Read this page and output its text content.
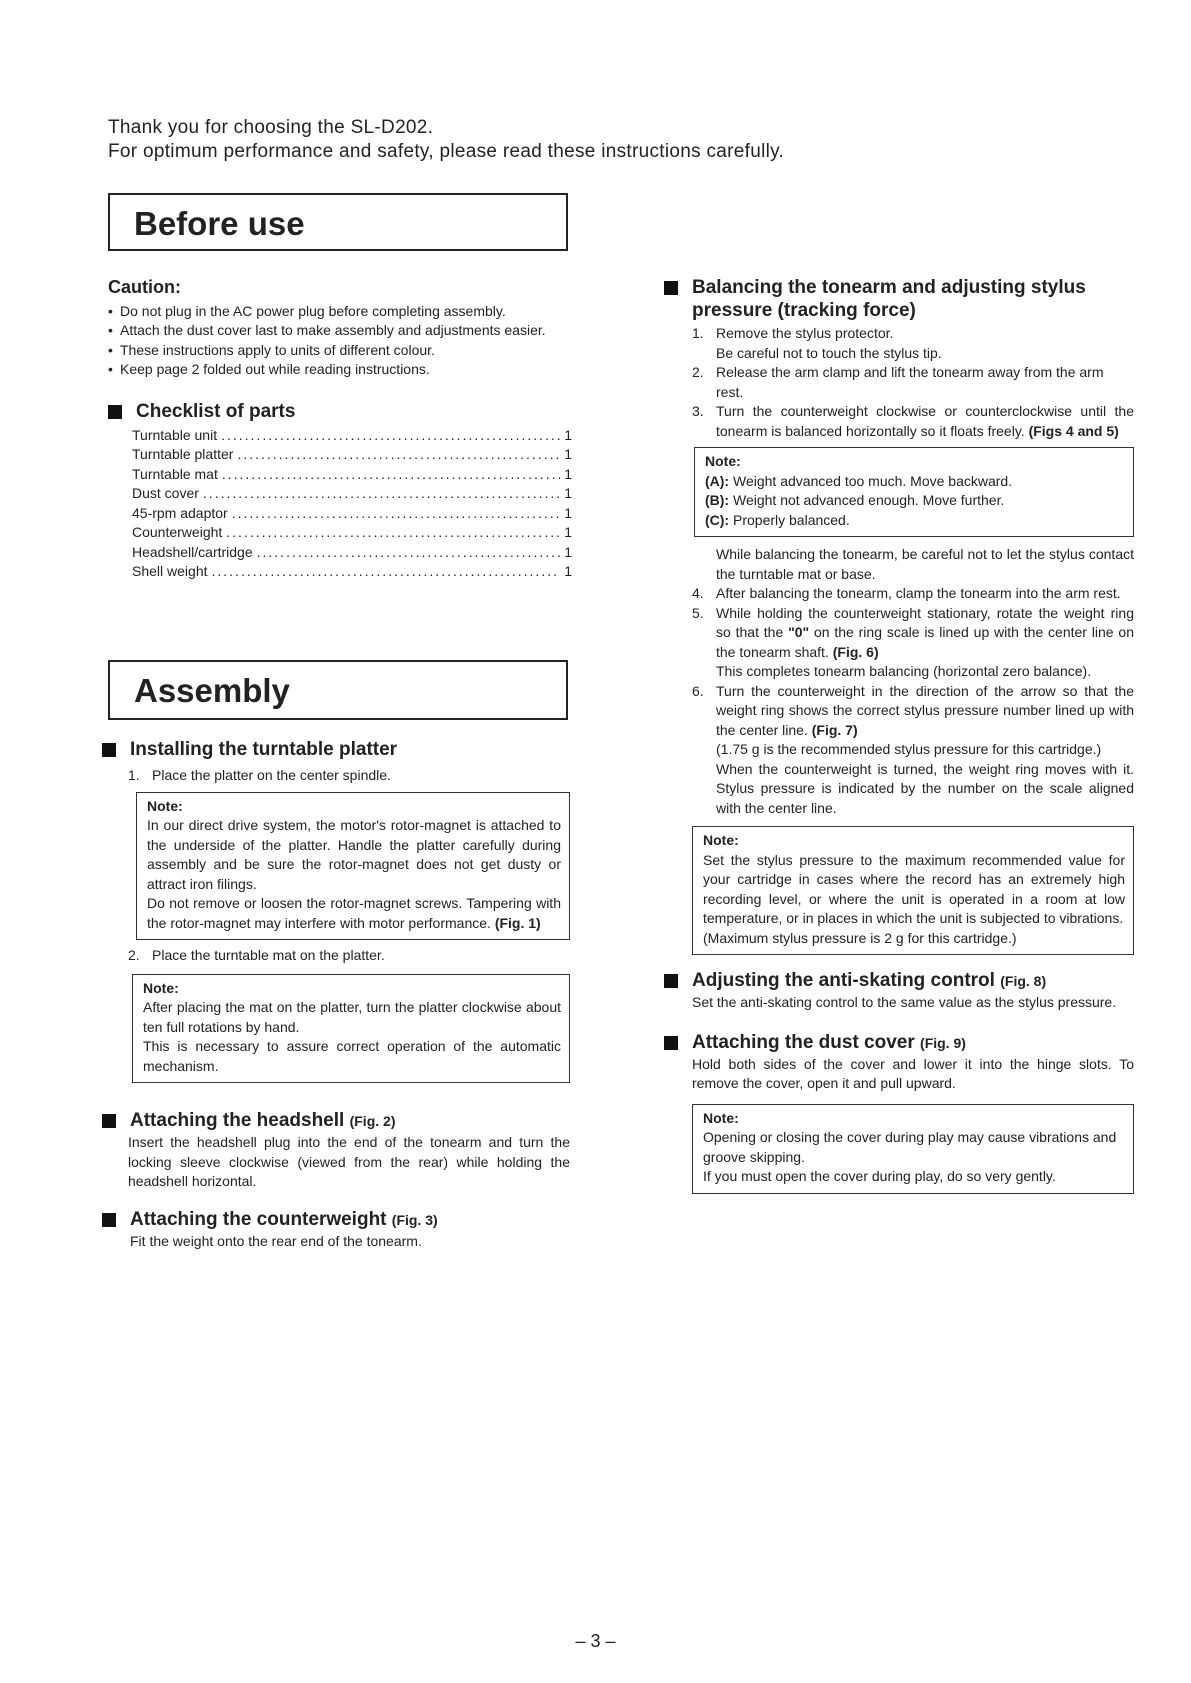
Thank you for choosing the SL-D202.
For optimum performance and safety, please read these instructions carefully.
Before use
Caution:
• Do not plug in the AC power plug before completing assembly.
• Attach the dust cover last to make assembly and adjustments easier.
• These instructions apply to units of different colour.
• Keep page 2 folded out while reading instructions.
Checklist of parts
Turntable unit .....	1
Turntable platter .....	1
Turntable mat .....	1
Dust cover .....	1
45-rpm adaptor .....	1
Counterweight .....	1
Headshell/cartridge .....	1
Shell weight .....	1
Assembly
Installing the turntable platter
1. Place the platter on the center spindle.
Note:
In our direct drive system, the motor's rotor-magnet is attached to the underside of the platter. Handle the platter carefully during assembly and be sure the rotor-magnet does not get dusty or attract iron filings.
Do not remove or loosen the rotor-magnet screws. Tampering with the rotor-magnet may interfere with motor performance. (Fig. 1)
2. Place the turntable mat on the platter.
Note:
After placing the mat on the platter, turn the platter clockwise about ten full rotations by hand.
This is necessary to assure correct operation of the automatic mechanism.
Attaching the headshell (Fig. 2)

Insert the headshell plug into the end of the tonearm and turn the locking sleeve clockwise (viewed from the rear) while holding the headshell horizontal.

Attaching the counterweight (Fig. 3)

Fit the weight onto the rear end of the tonearm.

Balancing the tonearm and adjusting stylus pressure (tracking force)
1. Remove the stylus protector.
Be careful not to touch the stylus tip.
2. Release the arm clamp and lift the tonearm away from the arm rest.
3. Turn the counterweight clockwise or counterclockwise until the tonearm is balanced horizontally so it floats freely. (Figs 4 and 5)
Note:
(A): Weight advanced too much. Move backward.
(B): Weight not advanced enough. Move further.
(C): Properly balanced.

While balancing the tonearm, be careful not to let the stylus contact the turntable mat or base.

4. After balancing the tonearm, clamp the tonearm into the arm rest.
5. While holding the counterweight stationary, rotate the weight ring so that the "0" on the ring scale is lined up with the center line on the tonearm shaft. (Fig. 6)
This completes tonearm balancing (horizontal zero balance).
6. Turn the counterweight in the direction of the arrow so that the weight ring shows the correct stylus pressure number lined up with the center line. (Fig. 7)
(1.75 g is the recommended stylus pressure for this cartridge.)
When the counterweight is turned, the weight ring moves with it. Stylus pressure is indicated by the number on the scale aligned with the center line.
Note:
Set the stylus pressure to the maximum recommended value for your cartridge in cases where the record has an extremely high recording level, or where the unit is operated in a room at low temperature, or in places in which the unit is subjected to vibrations.
(Maximum stylus pressure is 2 g for this cartridge.)
Adjusting the anti-skating control (Fig. 8)

Set the anti-skating control to the same value as the stylus pressure.

Attaching the dust cover (Fig. 9)

Hold both sides of the cover and lower it into the hinge slots. To remove the cover, open it and pull upward.

Note:
Opening or closing the cover during play may cause vibrations and groove skipping.
If you must open the cover during play, do so very gently.
– 3 –
